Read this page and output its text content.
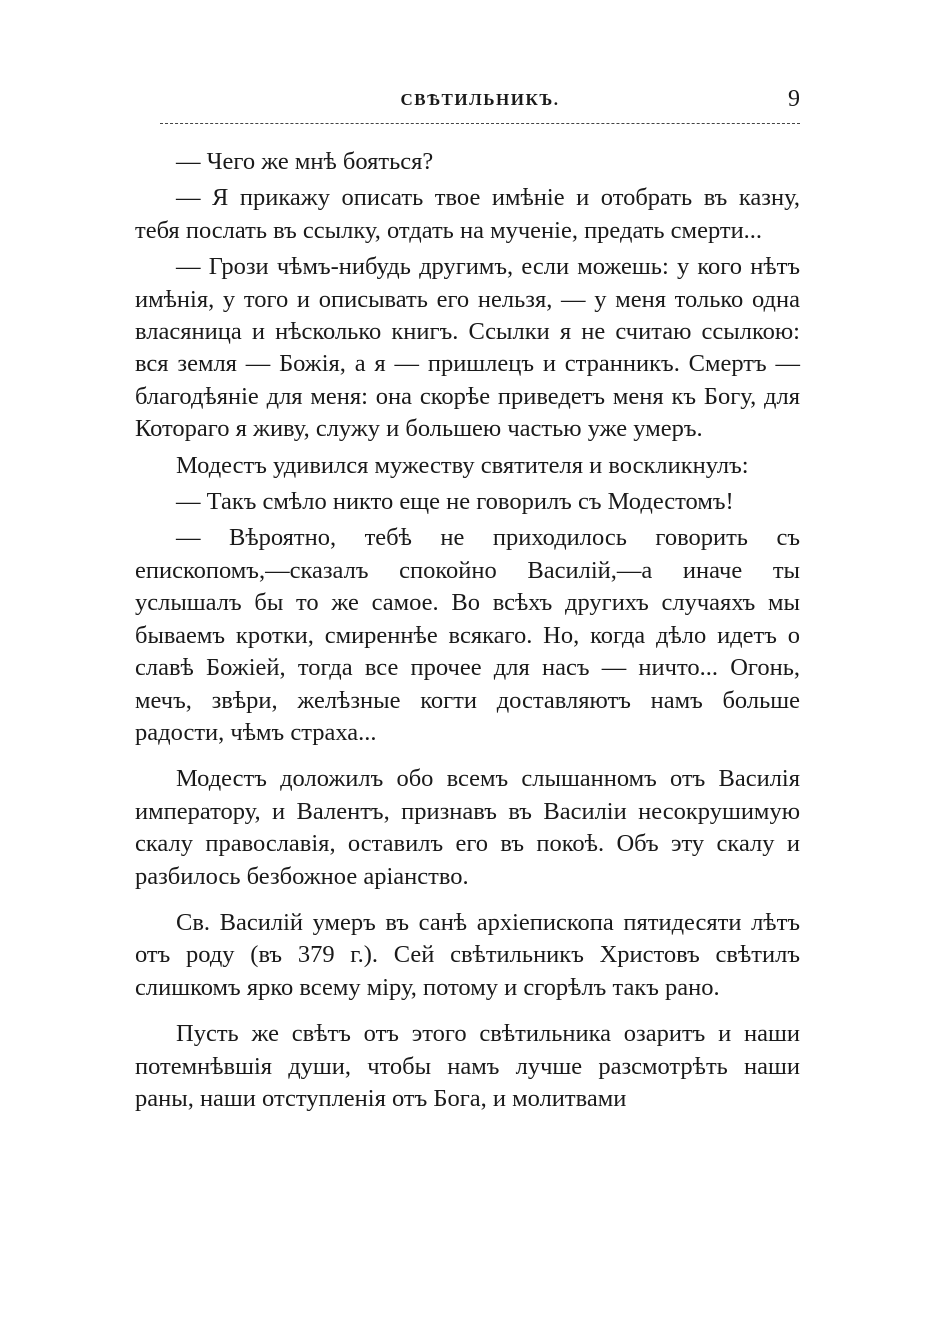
СВѢТИЛЬНИКЪ.	9

— Чего же мнѣ бояться?

— Я прикажу описать твое имѣніе и отобрать въ казну, тебя послать въ ссылку, отдать на мученіе, предать смерти...

— Грози чѣмъ-нибудь другимъ, если можешь: у кого нѣтъ имѣнія, у того и описывать его нельзя, — у меня только одна власяница и нѣсколько книгъ. Ссылки я не считаю ссылкою: вся земля — Божія, а я — пришлецъ и странникъ. Смертъ — благодѣяніе для меня: она скорѣе приведетъ меня къ Богу, для Котораго я живу, служу и большею частью уже умеръ.

Модестъ удивился мужеству святителя и воскликнулъ:

— Такъ смѣло никто еще не говорилъ съ Модестомъ!

— Вѣроятно, тебѣ не приходилось говорить съ епископомъ,—сказалъ спокойно Василій,—а иначе ты услышалъ бы то же самое. Во всѣхъ другихъ случаяхъ мы бываемъ кротки, смиреннѣе всякаго. Но, когда дѣло идетъ о славѣ Божіей, тогда все прочее для насъ — ничто... Огонь, мечъ, звѣри, желѣзные когти доставляютъ намъ больше радости, чѣмъ страха...

Модестъ доложилъ обо всемъ слышанномъ отъ Василія императору, и Валентъ, признавъ въ Василіи несокрушимую скалу православія, оставилъ его въ покоѣ. Объ эту скалу и разбилось безбожное аріанство.

Св. Василій умеръ въ санѣ архіепископа пятидесяти лѣтъ отъ роду (въ 379 г.). Сей свѣтильникъ Христовъ свѣтилъ слишкомъ ярко всему міру, потому и сгорѣлъ такъ рано.

Пусть же свѣтъ отъ этого свѣтильника озаритъ и наши потемнѣвшія души, чтобы намъ лучше разсмотрѣть наши раны, наши отступленія отъ Бога, и молитвами
